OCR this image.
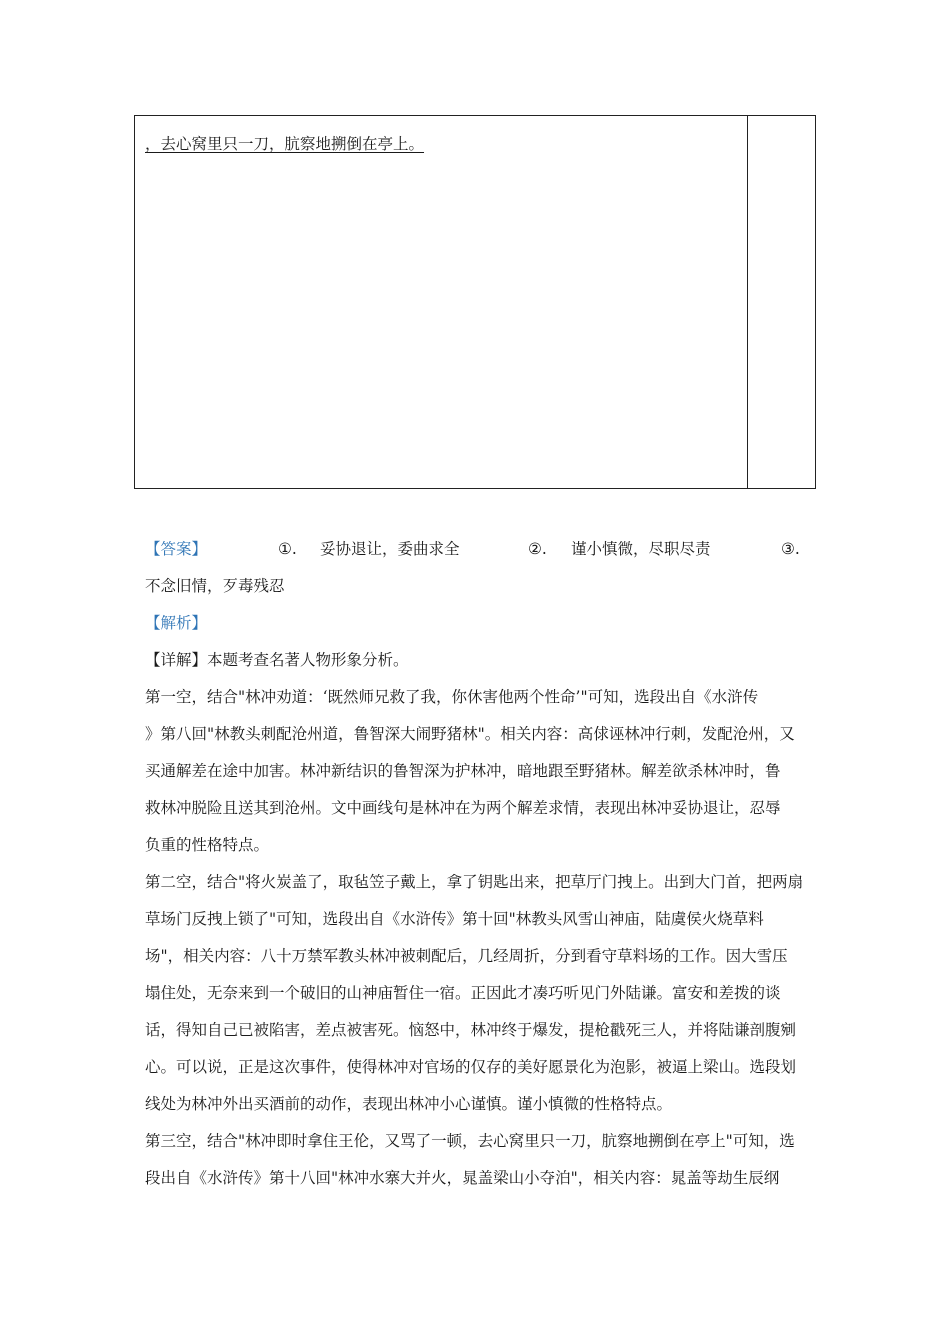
，去心窝里只一刀，肮察地搠倒在亭上。
【答案】	①. 妥协退让，委曲求全	②. 谨小慎微，尽职尽责	③.
不念旧情，歹毒残忍
【解析】
【详解】本题考查名著人物形象分析。
第一空，结合"林冲劝道：‘既然师兄救了我，你休害他两个性命’"可知，选段出自《水浒传
》第八回"林教头刺配沧州道，鲁智深大闹野猪林"。相关内容：高俅诬林冲行刺，发配沧州，又
买通解差在途中加害。林冲新结识的鲁智深为护林冲，暗地跟至野猪林。解差欲杀林冲时，鲁
救林冲脱险且送其到沧州。文中画线句是林冲在为两个解差求情，表现出林冲妥协退让，忍辱
负重的性格特点。
第二空，结合"将火炭盖了，取毡笠子戴上，拿了钥匙出来，把草厅门拽上。出到大门首，把两扇
草场门反拽上锁了"可知，选段出自《水浒传》第十回"林教头风雪山神庙，陆虞侯火烧草料
场"，相关内容：八十万禁军教头林冲被刺配后，几经周折，分到看守草料场的工作。因大雪压
塌住处，无奈来到一个破旧的山神庙暂住一宿。正因此才凑巧听见门外陆谦。富安和差拨的谈
话，得知自己已被陷害，差点被害死。恼怒中，林冲终于爆发，提枪戳死三人，并将陆谦剖腹剜
心。可以说，正是这次事件，使得林冲对官场的仅存的美好愿景化为泡影，被逼上梁山。选段划
线处为林冲外出买酒前的动作，表现出林冲小心谨慎。谨小慎微的性格特点。
第三空，结合"林冲即时拿住王伦，又骂了一顿，去心窝里只一刀，肮察地搠倒在亭上"可知，选
段出自《水浒传》第十八回"林冲水寨大并火，晁盖梁山小夺泊"，相关内容：晁盖等劫生辰纲
